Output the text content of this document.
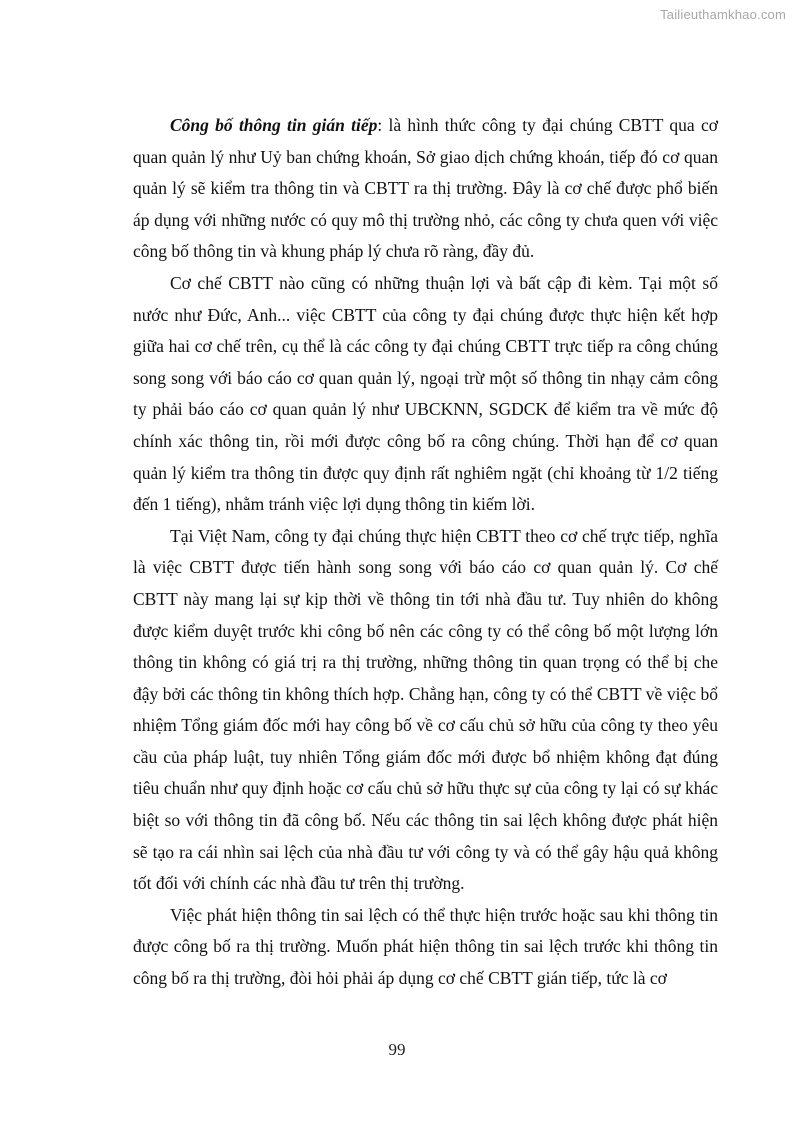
Tailieuthamkhao.com

Công bố thông tin gián tiếp: là hình thức công ty đại chúng CBTT qua cơ quan quản lý như Uỷ ban chứng khoán, Sở giao dịch chứng khoán, tiếp đó cơ quan quản lý sẽ kiểm tra thông tin và CBTT ra thị trường. Đây là cơ chế được phổ biến áp dụng với những nước có quy mô thị trường nhỏ, các công ty chưa quen với việc công bố thông tin và khung pháp lý chưa rõ ràng, đầy đủ.

Cơ chế CBTT nào cũng có những thuận lợi và bất cập đi kèm. Tại một số nước như Đức, Anh... việc CBTT của công ty đại chúng được thực hiện kết hợp giữa hai cơ chế trên, cụ thể là các công ty đại chúng CBTT trực tiếp ra công chúng song song với báo cáo cơ quan quản lý, ngoại trừ một số thông tin nhạy cảm công ty phải báo cáo cơ quan quản lý như UBCKNN, SGDCK để kiểm tra về mức độ chính xác thông tin, rồi mới được công bố ra công chúng. Thời hạn để cơ quan quản lý kiểm tra thông tin được quy định rất nghiêm ngặt (chỉ khoảng từ 1/2 tiếng đến 1 tiếng), nhằm tránh việc lợi dụng thông tin kiếm lời.

Tại Việt Nam, công ty đại chúng thực hiện CBTT theo cơ chế trực tiếp, nghĩa là việc CBTT được tiến hành song song với báo cáo cơ quan quản lý. Cơ chế CBTT này mang lại sự kịp thời về thông tin tới nhà đầu tư. Tuy nhiên do không được kiểm duyệt trước khi công bố nên các công ty có thể công bố một lượng lớn thông tin không có giá trị ra thị trường, những thông tin quan trọng có thể bị che đậy bởi các thông tin không thích hợp. Chẳng hạn, công ty có thể CBTT về việc bổ nhiệm Tổng giám đốc mới hay công bố về cơ cấu chủ sở hữu của công ty theo yêu cầu của pháp luật, tuy nhiên Tổng giám đốc mới được bổ nhiệm không đạt đúng tiêu chuẩn như quy định hoặc cơ cấu chủ sở hữu thực sự của công ty lại có sự khác biệt so với thông tin đã công bố. Nếu các thông tin sai lệch không được phát hiện sẽ tạo ra cái nhìn sai lệch của nhà đầu tư với công ty và có thể gây hậu quả không tốt đối với chính các nhà đầu tư trên thị trường.

Việc phát hiện thông tin sai lệch có thể thực hiện trước hoặc sau khi thông tin được công bố ra thị trường. Muốn phát hiện thông tin sai lệch trước khi thông tin công bố ra thị trường, đòi hỏi phải áp dụng cơ chế CBTT gián tiếp, tức là cơ

99
